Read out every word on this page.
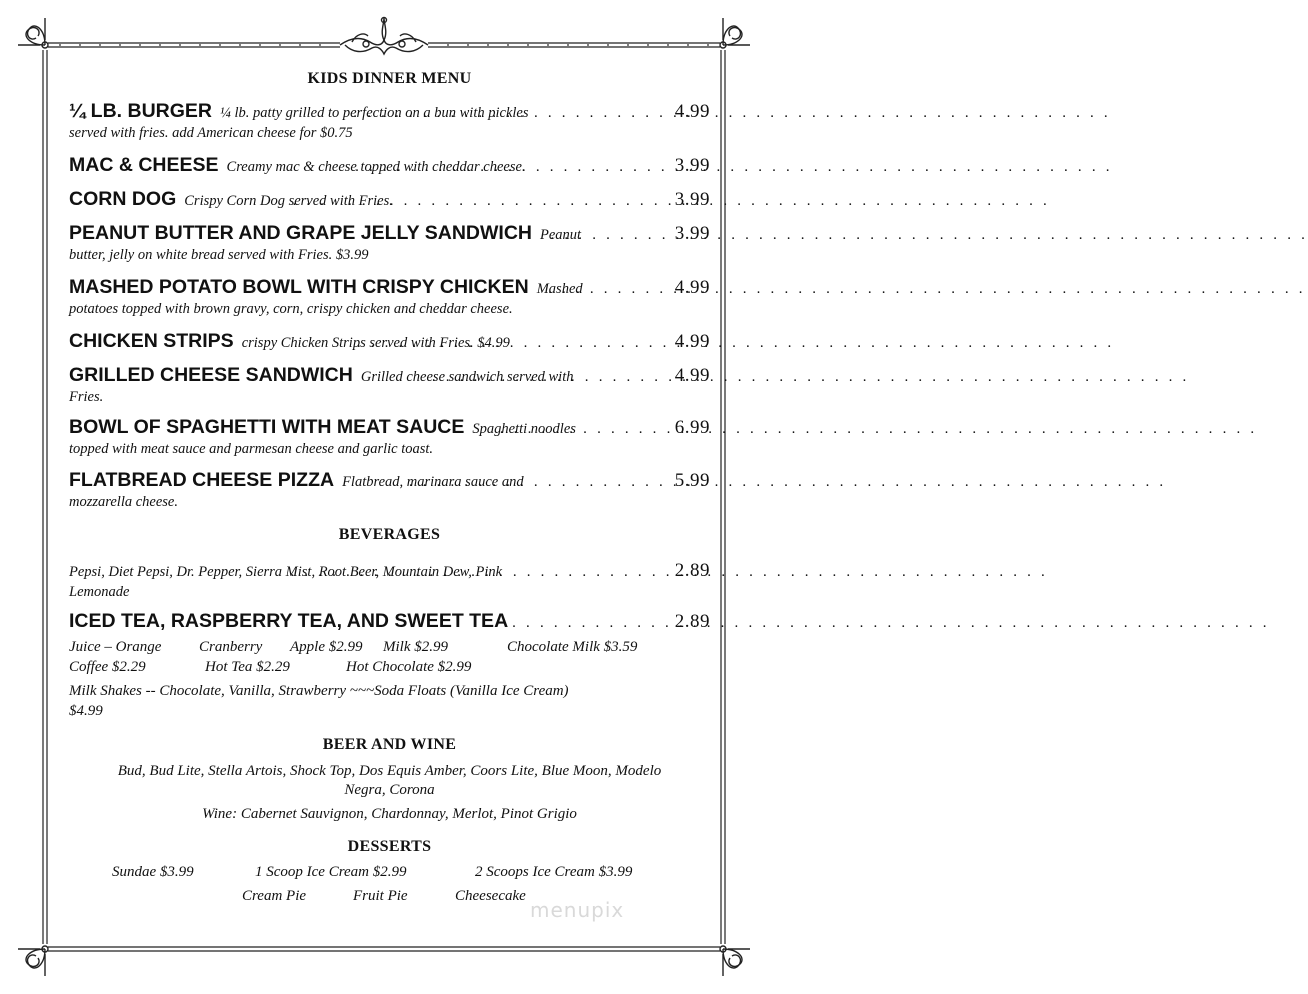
KIDS DINNER MENU
¼ LB. BURGER ¼ lb. patty grilled to perfection on a bun with pickles . . .	4.99
served with fries. add American cheese for $0.75
MAC & CHEESE Creamy mac & cheese topped with cheddar cheese. . . .	3.99
CORN DOG Crispy Corn Dog served with Fries. . . .	3.99
PEANUT BUTTER AND GRAPE JELLY SANDWICH Peanut . . .	3.99
butter, jelly on white bread served with Fries. $3.99
MASHED POTATO BOWL WITH CRISPY CHICKEN Mashed . . .	4.99
potatoes topped with brown gravy, corn, crispy chicken and cheddar cheese.
CHICKEN STRIPS crispy Chicken Strips served with Fries. $4.99 . . .	4.99
GRILLED CHEESE SANDWICH Grilled cheese sandwich served with . . .	4.99
Fries.
BOWL OF SPAGHETTI WITH MEAT SAUCE Spaghetti noodles . . .	6.99
topped with meat sauce and parmesan cheese and garlic toast.
FLATBREAD CHEESE PIZZA Flatbread, marinara sauce and . . .	5.99
mozzarella cheese.
BEVERAGES
Pepsi, Diet Pepsi, Dr. Pepper, Sierra Mist, Root Beer, Mountain Dew, Pink . . .	2.89
Lemonade
ICED TEA, RASPBERRY TEA, AND SWEET TEA . . .	2.89
Juice – Orange	Cranberry Apple $2.99 Milk $2.99	Chocolate Milk $3.59
Coffee $2.29	Hot Tea $2.29	Hot Chocolate $2.99
Milk Shakes -- Chocolate, Vanilla, Strawberry ~~~Soda Floats (Vanilla Ice Cream)
$4.99
BEER AND WINE
Bud, Bud Lite, Stella Artois, Shock Top, Dos Equis Amber, Coors Lite, Blue Moon, Modelo
Negra, Corona
Wine: Cabernet Sauvignon, Chardonnay, Merlot, Pinot Grigio
DESSERTS
Sundae $3.99	1 Scoop Ice Cream $2.99	2 Scoops Ice Cream $3.99
Cream Pie	Fruit Pie	Cheesecake
menupix
